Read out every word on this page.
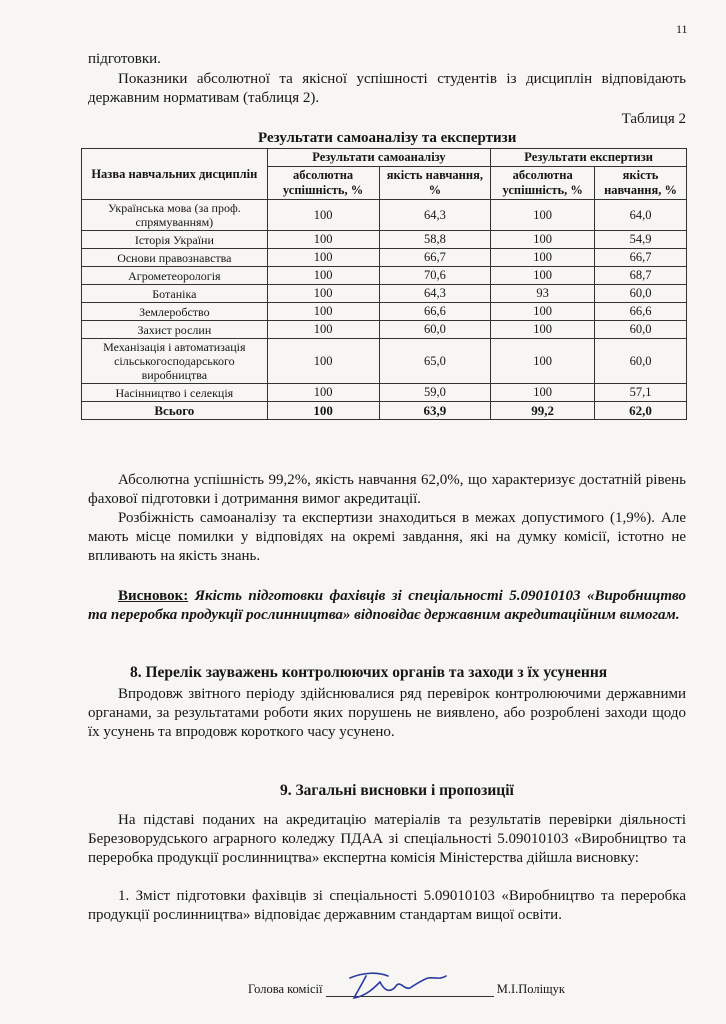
11
підготовки.
Показники абсолютної та якісної успішності студентів із дисциплін відповідають державним нормативам (таблиця 2).
Таблиця 2
Результати самоаналізу та експертизи
Назва навчальних дисциплін	Результати самоаналізу		Результати експертизи	
	абсолютна успішність, %	якість навчання, %	абсолютна успішність, %	якість навчання, %
Українська мова (за проф. спрямуванням)	100	64,3	100	64,0
Історія України	100	58,8	100	54,9
Основи правознавства	100	66,7	100	66,7
Агрометеорологія	100	70,6	100	68,7
Ботаніка	100	64,3	93	60,0
Землеробство	100	66,6	100	66,6
Захист рослин	100	60,0	100	60,0
Механізація і автоматизація сільськогосподарського виробництва	100	65,0	100	60,0
Насінництво і селекція	100	59,0	100	57,1
Всього	100	63,9	99,2	62,0
Абсолютна успішність 99,2%, якість навчання 62,0%, що характеризує достатній рівень фахової підготовки і дотримання вимог акредитації.
Розбіжність самоаналізу та експертизи знаходиться в межах допустимого (1,9%). Але мають місце помилки у відповідях на окремі завдання, які на думку комісії, істотно не впливають на якість знань.
Висновок: Якість підготовки фахівців зі спеціальності 5.09010103 «Виробництво та переробка продукції рослинництва» відповідає державним акредитаційним вимогам.
8. Перелік зауважень контролюючих органів та заходи з їх усунення
Впродовж звітного періоду здійснювалися ряд перевірок контролюючими державними органами, за результатами роботи яких порушень не виявлено, або розроблені заходи щодо їх усунень та впродовж короткого часу усунено.
9. Загальні висновки і пропозиції
На підставі поданих на акредитацію матеріалів та результатів перевірки діяльності Березоворудського аграрного коледжу ПДАА зі спеціальності 5.09010103 «Виробництво та переробка продукції рослинництва» експертна комісія Міністерства дійшла висновку:
1. Зміст підготовки фахівців зі спеціальності 5.09010103 «Виробництво та переробка продукції рослинництва» відповідає державним стандартам вищої освіти.
Голова комісії	М.І.Поліщук
